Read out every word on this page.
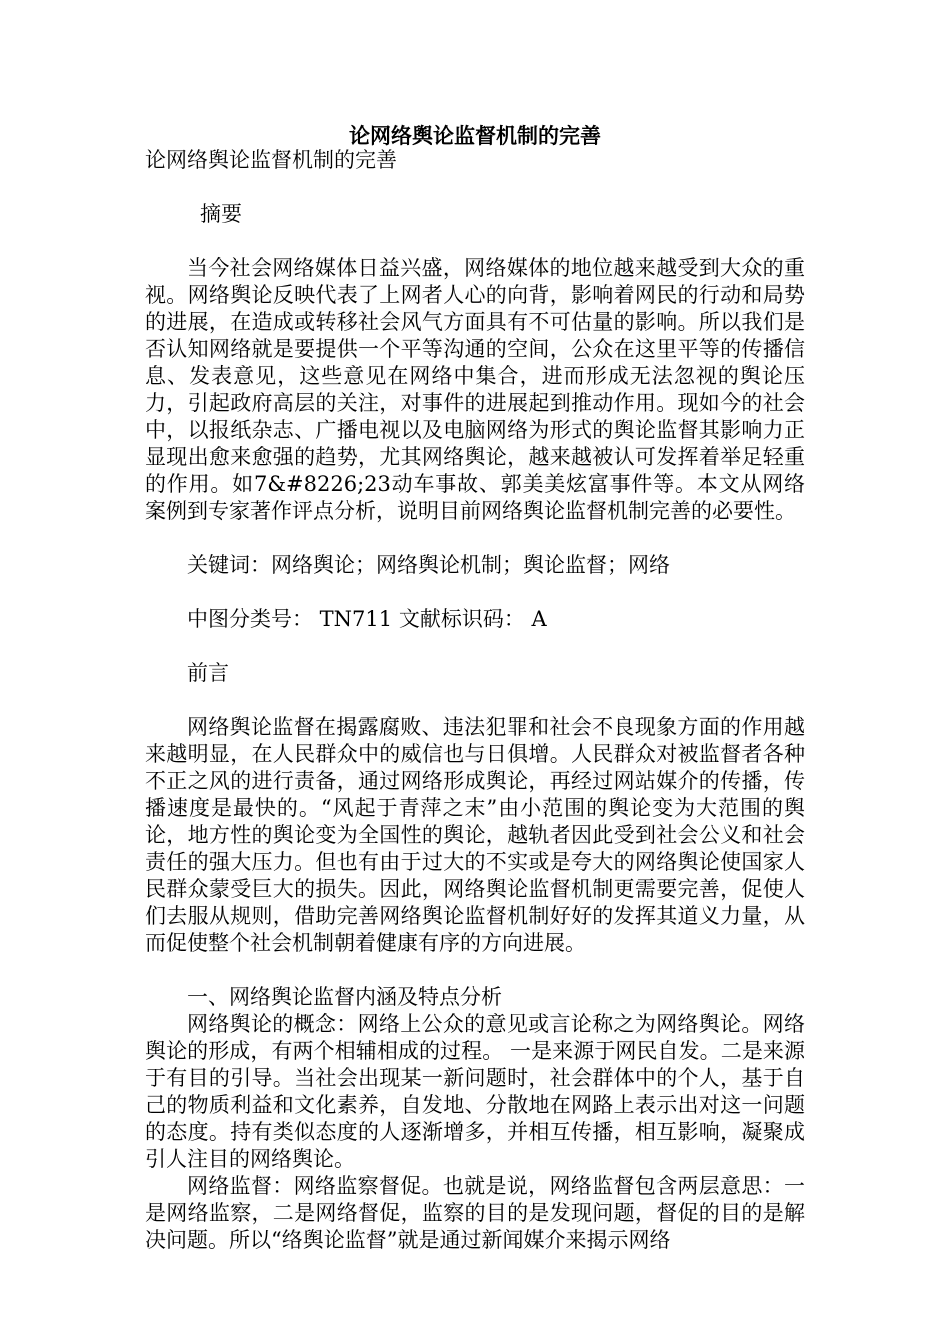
论网络舆论监督机制的完善

论网络舆论监督机制的完善

摘要

当今社会网络媒体日益兴盛，网络媒体的地位越来越受到大众的重视。网络舆论反映代表了上网者人心的向背，影响着网民的行动和局势的进展，在造成或转移社会风气方面具有不可估量的影响。所以我们是否认知网络就是要提供一个平等沟通的空间，公众在这里平等的传播信息、发表意见，这些意见在网络中集合，进而形成无法忽视的舆论压力，引起政府高层的关注，对事件的进展起到推动作用。现如今的社会中，以报纸杂志、广播电视以及电脑网络为形式的舆论监督其影响力正显现出愈来愈强的趋势，尤其网络舆论，越来越被认可发挥着举足轻重的作用。如7&#8226;23动车事故、郭美美炫富事件等。本文从网络案例到专家著作评点分析，说明目前网络舆论监督机制完善的必要性。

关键词：网络舆论；网络舆论机制；舆论监督；网络

中图分类号： TN711 文献标识码： A

前言

网络舆论监督在揭露腐败、违法犯罪和社会不良现象方面的作用越来越明显，在人民群众中的威信也与日俱增。人民群众对被监督者各种不正之风的进行责备，通过网络形成舆论，再经过网站媒介的传播，传播速度是最快的。“风起于青萍之末”由小范围的舆论变为大范围的舆论，地方性的舆论变为全国性的舆论，越轨者因此受到社会公义和社会责任的强大压力。但也有由于过大的不实或是夸大的网络舆论使国家人民群众蒙受巨大的损失。因此，网络舆论监督机制更需要完善，促使人们去服从规则，借助完善网络舆论监督机制好好的发挥其道义力量，从而促使整个社会机制朝着健康有序的方向进展。

一、网络舆论监督内涵及特点分析

网络舆论的概念：网络上公众的意见或言论称之为网络舆论。网络舆论的形成，有两个相辅相成的过程。 一是来源于网民自发。二是来源于有目的引导。当社会出现某一新问题时，社会群体中的个人，基于自己的物质利益和文化素养，自发地、分散地在网路上表示出对这一问题的态度。持有类似态度的人逐渐增多，并相互传播，相互影响，凝聚成引人注目的网络舆论。

网络监督：网络监察督促。也就是说，网络监督包含两层意思：一是网络监察，二是网络督促，监察的目的是发现问题，督促的目的是解决问题。所以“络舆论监督”就是通过新闻媒介来揭示网络
